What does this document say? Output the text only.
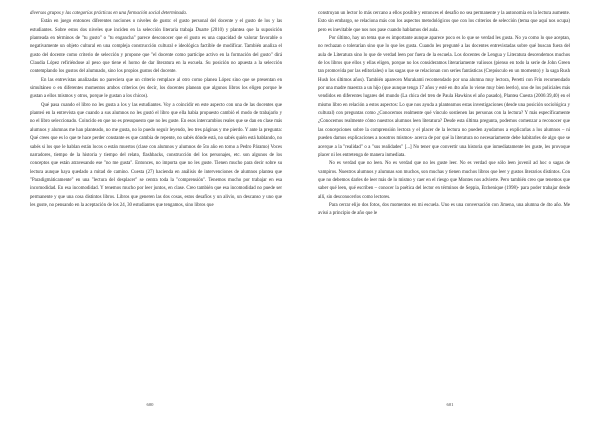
diversos grupos y las categorías prácticas en una formación social determinada.

Están en juego entonces diferentes nociones o niveles de gusto: el gusto personal del docente y el gusto de los y las estudiantes. Sobre estos dos niveles que inciden en la selección literaria trabaja Duarte (2010) y plantea que la suposición planteada en términos de "tu gusto" o "tu engancha" parece desconocer que el gusto es una capacidad de valorar favorable o negativamente un objeto cultural en una compleja construcción cultural e ideológica factible de modificar. También analiza el gusto del docente como criterio de selección y propone que "el docente como partícipe activo en la formación del gusto" dirá Claudia López refiriéndose al peso que tiene el horno de dar literatura en la escuela. Su posición no apuesta a la selección contemplando los gustos del alumnado, sino los propios gustos del docente.

En las entrevistas analizadas no pareciera que un criterio remplace al otro como planea López sino que se presentan en simultáneo o en diferentes momentos ambos criterios (es decir, los docentes planean que algunos libros los eligen porque le gustan a ellos mismos y otros, porque le gustan a los chicos).

Qué pasa cuando el libro no les gusta a los y las estudiantes. Voy a coincidir en este aspecto con una de las docentes que planteó en la entrevista que cuando a sus alumnos no les gustó el libro que ella había propuesto cambió el modo de trabajarlo y no el libro seleccionado. Coincido en que no es presupuesto que no les guste. En esos intercambios reales que se dan en clase más alumnos y alumnas me han planteado, no me gusta, no lo puedo seguir leyendo, leo tres páginas y me pierdo. Y ante la pregunta: Qué crees que es lo que te hace perder constante es que cambia de repente, no sabés dónde está, no sabés quién está hablando, no sabés si los que le hablan están locos o están muertos (clase con alumnos y alumnos de 5to año en torno a Pedro Páramo) Voces narradores, tiempo de la historia y tiempo del relato, flashbacks, construcción del los personajes, etc. son algunos de los conceptos que están atravesando ese "no me gusta". Entonces, no importa que no les guste. Tienen mucho para decir sobre su lectura aunque haya quedado a mitad de camino. Cuesta (27) hacienda en análisis de intervenciones de alumnos plantea que "Paradigmáticamente" en una "lectura del desplacer" se centra toda la "comprensión". Tenemos mucho por trabajar en esa incomodidad. En esa incomodidad. Y tenemos mucho por leer juntos, en clase. Creo también que esa incomodidad no puede ser permanente y que una cosa distintos libros. Libros que generen las dos cosas, estos desafíos y un alivio, un descanso y uno que les guste, no pensando en la aceptación de los 24, 30 estudiantes que tengamos, sino libros que

600

construyan un lector lo más cercano a ellos posible y entonces el desafío no sea permanente y la autonomía en la lectura aumente. Esto sin embargo, se relaciona más con los aspectos metodológicos que con los criterios de selección (tema que aquí nos ocupa) pero es inevitable que nos nos pase cuando hablamos del aula.

Por último, hay un tema que es importante aunque aparece poco es lo que se verdad les gusta. No ya como lo que aceptan, no rechazan o tolerarían sino que lo que les gusta. Cuando les pregunté a las docentes entrevistadas sobre qué buscan fuera del aula de Literatura sino lo que de verdad leen por fuera de la escuela. Los docentes de Lengua y Literatura descendemos muchos de los libros que ellos y ellas eligen, porque no los consideramos literariamente valiosos (pienso en todo la serie de John Green tan promovida por las editoriales) o las sagas que se relacionan con series fantásticas (Crepúsculo en un momento) y la saga Rush Hush los últimos años). También aparecen Murakami recomendado por una alumna muy lectora, Peretti con Frin recomendado por una madre maestra a un hijo (que aunque tenga 17 años y esté en 4to año lo viene muy bien leerlo), uno de los policiales más vendidos en diferentes lugares del mundo (La chica del tren de Paula Hawkins el año pasado), Plantea Cuesta (2006:39,40) en el mismo libro en relación a estos aspectos: Lo que nos ayuda a plantearnos estas investigaciones (desde una posición sociológica y cultural) con preguntas como ¿Conocemos realmente qué vínculo sostienen las personas con la lectura? Y más específicamente ¿Conocemos realmente cómo nuestros alumnos leen literatura? Desde esta última pregunta, podemos comenzar a reconocer que las concepciones sobre la comprensión lectora y el placer de la lectura no pueden ayudarnos a explicarlas a los alumnos – ni pueden darnos explicaciones a nosotros mismos- acerca de por qué la literatura no necesariamente debe habitarles de algo que se acerque a la "realidad" o a "sus realidades" [...] No tener que convertir una historia que inmediatamente les guste, les provoque placer ni les entretenga de manera inmediata.

No es verdad que no leen. No es verdad que no les guste leer. No es verdad que sólo leen juvenil ad hoc o sagas de vampiros. Nuestros alumnos y alumnas son muchos, son muchas y tienen muchos libros que leer y gustos literarios distintos. Con que no debemos darles de leer más de lo mismo y caer en el riesgo que Montes nos advierte. Pero también creo que tenemos que saber qué leen, qué escriben – conocer la poética del lector en términos de Seppia, Etchenique (1998)- para poder trabajar desde allí, sin desconocerlos como lectores.

Para cerrar elijo dos fotos, dos momentos en mi escuela. Uno es una conversación con Jimena, una alumna de 4to año. Me avisó a principio de año que le

601
